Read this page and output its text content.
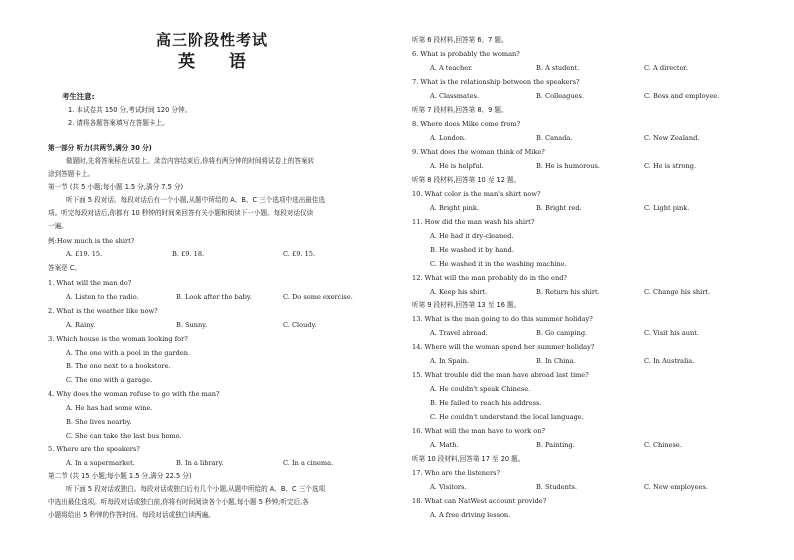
高三阶段性考试
英 语
考生注意:
1. 本试卷共 150 分,考试时间 120 分钟。
2. 请将各题答案填写在答题卡上。
第一部分 听力(共两节,满分 30 分)
做题时,先将答案标在试卷上。录音内容结束后,你将有两分钟的时间将试卷上的答案转
涂到答题卡上。
第一节 (共 5 小题;每小题 1.5 分,满分 7.5 分)
听下面 5 段对话。每段对话后有一个小题,从题中所给的 A、B、C 三个选项中选出最佳选
项。听完每段对话后,你都有 10 秒钟的时间来回答有关小题和阅读下一小题。每段对话仅读
一遍。
例:How much is the shirt?
A. £19. 15.	B. £9. 18.	C. £9. 15.
答案是 C。
1. What will the man do?
A. Listen to the radio.	B. Look after the baby.	C. Do some exercise.
2. What is the weather like now?
A. Rainy.	B. Sunny.	C. Cloudy.
3. Which house is the woman looking for?
A. The one with a pool in the garden.
B. The one next to a bookstore.
C. The one with a garage.
4. Why does the woman refuse to go with the man?
A. He has had some wine.
B. She lives nearby.
C. She can take the last bus home.
5. Where are the speakers?
A. In a supermarket.	B. In a library.	C. In a cinema.
第二节 (共 15 小题;每小题 1.5 分,满分 22.5 分)
听下面 5 段对话或独白。每段对话或独白后有几个小题,从题中所给的 A、B、C 三个选项
中选出最佳选项。听每段对话或独白前,你将有时间阅读各个小题,每小题 5 秒钟;听完后,各
小题将给出 5 秒钟的作答时间。每段对话或独白读两遍。
听第 6 段材料,回答第 6、7 题。
6. What is probably the woman?
A. A teacher.	B. A student.	C. A director.
7. What is the relationship between the speakers?
A. Classmates.	B. Colleagues.	C. Boss and employee.
听第 7 段材料,回答第 8、9 题。
8. Where does Mike come from?
A. London.	B. Canada.	C. New Zealand.
9. What does the woman think of Mike?
A. He is helpful.	B. He is humorous.	C. He is strong.
听第 8 段材料,回答第 10 至 12 题。
10. What color is the man's shirt now?
A. Bright pink.	B. Bright red.	C. Light pink.
11. How did the man wash his shirt?
A. He had it dry-cleaned.
B. He washed it by hand.
C. He washed it in the washing machine.
12. What will the man probably do in the end?
A. Keep his shirt.	B. Return his shirt.	C. Change his shirt.
听第 9 段材料,回答第 13 至 16 题。
13. What is the man going to do this summer holiday?
A. Travel abroad.	B. Go camping.	C. Visit his aunt.
14. Where will the woman spend her summer holiday?
A. In Spain.	B. In China.	C. In Australia.
15. What trouble did the man have abroad last time?
A. He couldn't speak Chinese.
B. He failed to reach his address.
C. He couldn't understand the local language.
16. What will the man have to work on?
A. Math.	B. Painting.	C. Chinese.
听第 10 段材料,回答第 17 至 20 题。
17. Who are the listeners?
A. Visitors.	B. Students.	C. New employees.
18. What can NatWest account provide?
A. A free driving lesson.
